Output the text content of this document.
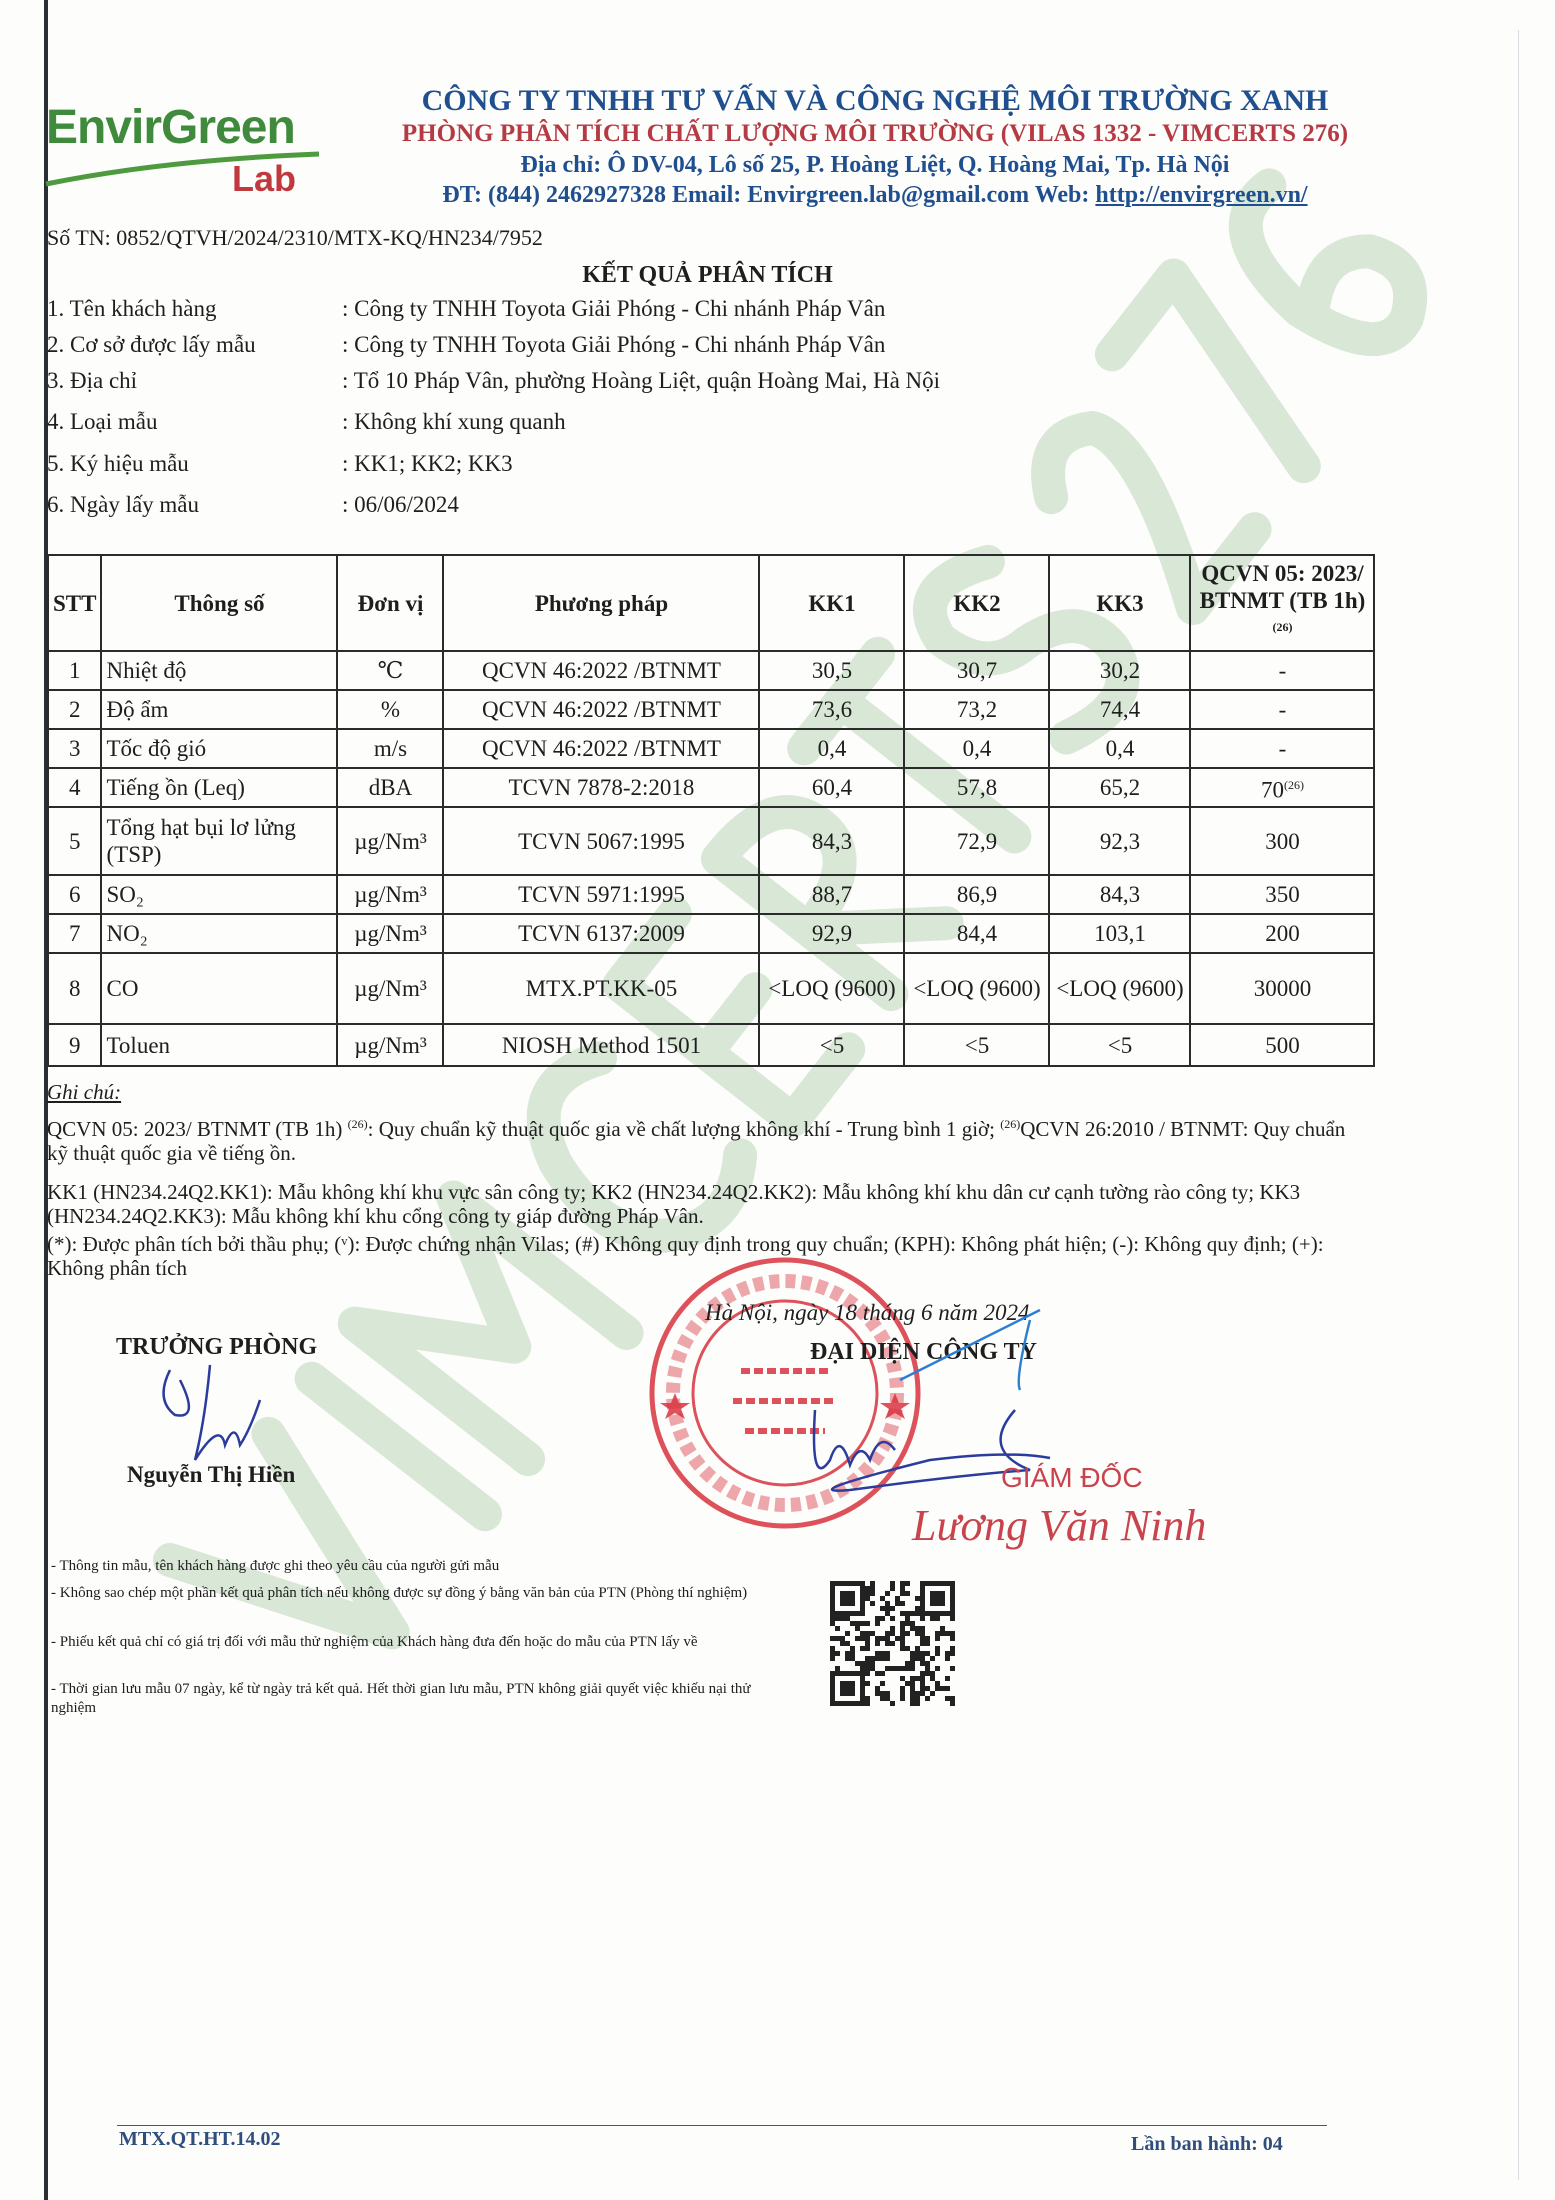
EnvirGreen
Lab
CÔNG TY TNHH TƯ VẤN VÀ CÔNG NGHỆ MÔI TRƯỜNG XANH
PHÒNG PHÂN TÍCH CHẤT LƯỢNG MÔI TRƯỜNG (VILAS 1332 - VIMCERTS 276)
Địa chỉ: Ô DV-04, Lô số 25, P. Hoàng Liệt, Q. Hoàng Mai, Tp. Hà Nội
ĐT: (844) 2462927328 Email: Envirgreen.lab@gmail.com Web: http://envirgreen.vn/
Số TN: 0852/QTVH/2024/2310/MTX-KQ/HN234/7952
KẾT QUẢ PHÂN TÍCH
1. Tên khách hàng	: Công ty TNHH Toyota Giải Phóng - Chi nhánh Pháp Vân
2. Cơ sở được lấy mẫu	: Công ty TNHH Toyota Giải Phóng - Chi nhánh Pháp Vân
3. Địa chỉ	: Tổ 10 Pháp Vân, phường Hoàng Liệt, quận Hoàng Mai, Hà Nội
4. Loại mẫu	: Không khí xung quanh
5. Ký hiệu mẫu	: KK1; KK2; KK3
6. Ngày lấy mẫu	: 06/06/2024
STT	Thông số	Đơn vị	Phương pháp	KK1	KK2	KK3	QCVN 05: 2023/ BTNMT (TB 1h) $^{(26)}$
1	Nhiệt độ	℃	QCVN 46:2022 /BTNMT	30,5	30,7	30,2	-
2	Độ ẩm	%	QCVN 46:2022 /BTNMT	73,6	73,2	74,4	-
3	Tốc độ gió	m/s	QCVN 46:2022 /BTNMT	0,4	0,4	0,4	-
4	Tiếng ồn (Leq)	dBA	TCVN 7878-2:2018	60,4	57,8	65,2	70$^{(26)}$
5	Tổng hạt bụi lơ lửng (TSP)	µg/Nm³	TCVN 5067:1995	84,3	72,9	92,3	300
6	SO₂	µg/Nm³	TCVN 5971:1995	88,7	86,9	84,3	350
7	NO₂	µg/Nm³	TCVN 6137:2009	92,9	84,4	103,1	200
8	CO	µg/Nm³	MTX.PT.KK-05	<LOQ (9600)	<LOQ (9600)	<LOQ (9600)	30000
9	Toluen	µg/Nm³	NIOSH Method 1501	<5	<5	<5	500
Ghi chú:
QCVN 05: 2023/ BTNMT (TB 1h) $^{(26)}$: Quy chuẩn kỹ thuật quốc gia về chất lượng không khí - Trung bình 1 giờ; $^{(26)}$QCVN 26:2010 / BTNMT: Quy chuẩn kỹ thuật quốc gia về tiếng ồn.
KK1 (HN234.24Q2.KK1): Mẫu không khí khu vực sân công ty; KK2 (HN234.24Q2.KK2): Mẫu không khí khu dân cư cạnh tường rào công ty; KK3 (HN234.24Q2.KK3): Mẫu không khí khu cổng công ty giáp đường Pháp Vân.
(*): Được phân tích bởi thầu phụ; (ᵛ): Được chứng nhận Vilas; (#) Không quy định trong quy chuẩn; (KPH): Không phát hiện; (-): Không quy định; (+): Không phân tích
Hà Nội, ngày 18 tháng 6 năm 2024
TRƯỞNG PHÒNG	ĐẠI DIỆN CÔNG TY
Nguyễn Thị Hiền	GIÁM ĐỐC
Lương Văn Ninh
- Thông tin mẫu, tên khách hàng được ghi theo yêu cầu của người gửi mẫu
- Không sao chép một phần kết quả phân tích nếu không được sự đồng ý bằng văn bản của PTN (Phòng thí nghiệm)
- Phiếu kết quả chỉ có giá trị đối với mẫu thử nghiệm của Khách hàng đưa đến hoặc do mẫu của PTN lấy về
- Thời gian lưu mẫu 07 ngày, kể từ ngày trả kết quả. Hết thời gian lưu mẫu, PTN không giải quyết việc khiếu nại thử nghiệm
MTX.QT.HT.14.02	Lần ban hành: 04
